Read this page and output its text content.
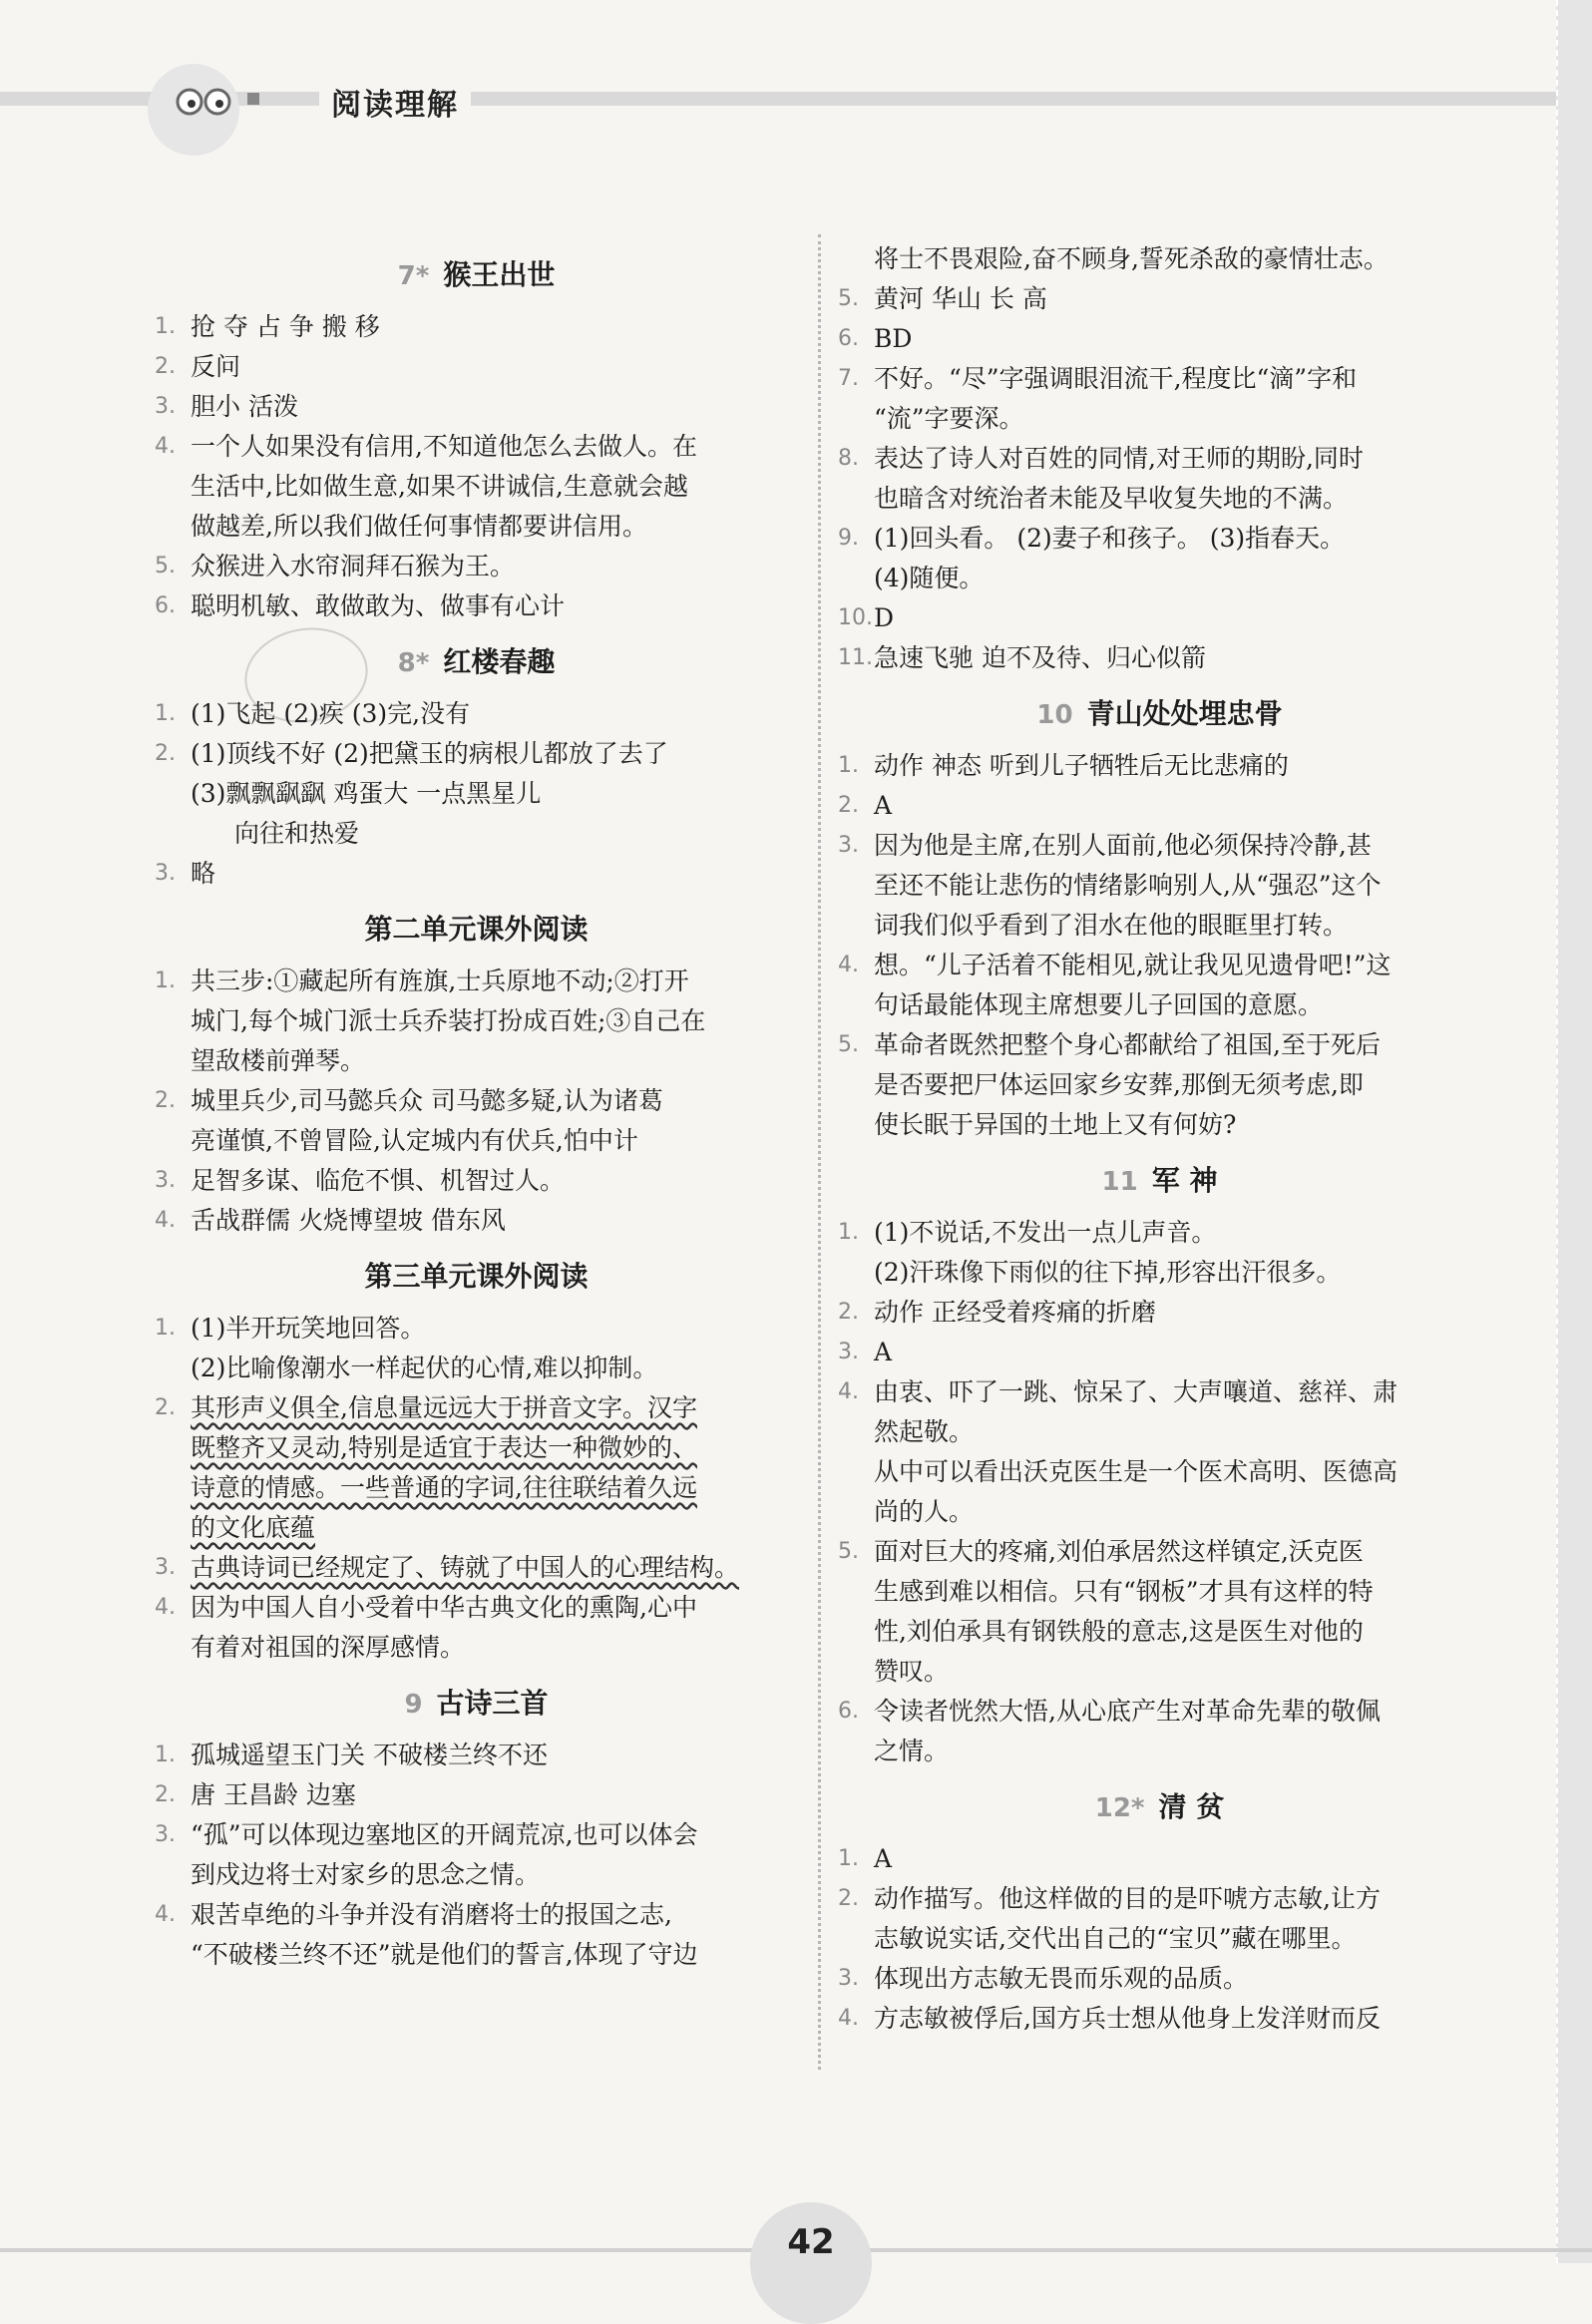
阅读理解
7* 猴王出世
1. 抢 夺 占 争 搬 移
2. 反问
3. 胆小 活泼
4. 一个人如果没有信用,不知道他怎么去做人。在
生活中,比如做生意,如果不讲诚信,生意就会越
做越差,所以我们做任何事情都要讲信用。
5. 众猴进入水帘洞拜石猴为王。
6. 聪明机敏、敢做敢为、做事有心计
8* 红楼春趣
1. (1)飞起 (2)疾 (3)完,没有
2. (1)顶线不好 (2)把黛玉的病根儿都放了去了
(3)飘飘飖飖 鸡蛋大 一点黑星儿
向往和热爱
3. 略
第二单元课外阅读
1. 共三步:①藏起所有旌旗,士兵原地不动;②打开
城门,每个城门派士兵乔装打扮成百姓;③自己在
望敌楼前弹琴。
2. 城里兵少,司马懿兵众 司马懿多疑,认为诸葛
亮谨慎,不曾冒险,认定城内有伏兵,怕中计
3. 足智多谋、临危不惧、机智过人。
4. 舌战群儒 火烧博望坡 借东风
第三单元课外阅读
1. (1)半开玩笑地回答。
(2)比喻像潮水一样起伏的心情,难以抑制。
2. 其形声义俱全,信息量远远大于拼音文字。汉字
既整齐又灵动,特别是适宜于表达一种微妙的、
诗意的情感。一些普通的字词,往往联结着久远
的文化底蕴
3. 古典诗词已经规定了、铸就了中国人的心理结构。
4. 因为中国人自小受着中华古典文化的熏陶,心中
有着对祖国的深厚感情。
9 古诗三首
1. 孤城遥望玉门关 不破楼兰终不还
2. 唐 王昌龄 边塞
3. “孤”可以体现边塞地区的开阔荒凉,也可以体会
到戍边将士对家乡的思念之情。
4. 艰苦卓绝的斗争并没有消磨将士的报国之志,
“不破楼兰终不还”就是他们的誓言,体现了守边
将士不畏艰险,奋不顾身,誓死杀敌的豪情壮志。
5. 黄河 华山 长 高
6. BD
7. 不好。“尽”字强调眼泪流干,程度比“滴”字和
“流”字要深。
8. 表达了诗人对百姓的同情,对王师的期盼,同时
也暗含对统治者未能及早收复失地的不满。
9. (1)回头看。 (2)妻子和孩子。 (3)指春天。
(4)随便。
10. D
11. 急速飞驰 迫不及待、归心似箭
10 青山处处埋忠骨
1. 动作 神态 听到儿子牺牲后无比悲痛的
2. A
3. 因为他是主席,在别人面前,他必须保持冷静,甚
至还不能让悲伤的情绪影响别人,从“强忍”这个
词我们似乎看到了泪水在他的眼眶里打转。
4. 想。“儿子活着不能相见,就让我见见遗骨吧!”这
句话最能体现主席想要儿子回国的意愿。
5. 革命者既然把整个身心都献给了祖国,至于死后
是否要把尸体运回家乡安葬,那倒无须考虑,即
使长眠于异国的土地上又有何妨?
11 军 神
1. (1)不说话,不发出一点儿声音。
(2)汗珠像下雨似的往下掉,形容出汗很多。
2. 动作 正经受着疼痛的折磨
3. A
4. 由衷、吓了一跳、惊呆了、大声嚷道、慈祥、肃
然起敬。
从中可以看出沃克医生是一个医术高明、医德高
尚的人。
5. 面对巨大的疼痛,刘伯承居然这样镇定,沃克医
生感到难以相信。只有“钢板”才具有这样的特
性,刘伯承具有钢铁般的意志,这是医生对他的
赞叹。
6. 令读者恍然大悟,从心底产生对革命先辈的敬佩
之情。
12* 清 贫
1. A
2. 动作描写。他这样做的目的是吓唬方志敏,让方
志敏说实话,交代出自己的“宝贝”藏在哪里。
3. 体现出方志敏无畏而乐观的品质。
4. 方志敏被俘后,国方兵士想从他身上发洋财而反
42
